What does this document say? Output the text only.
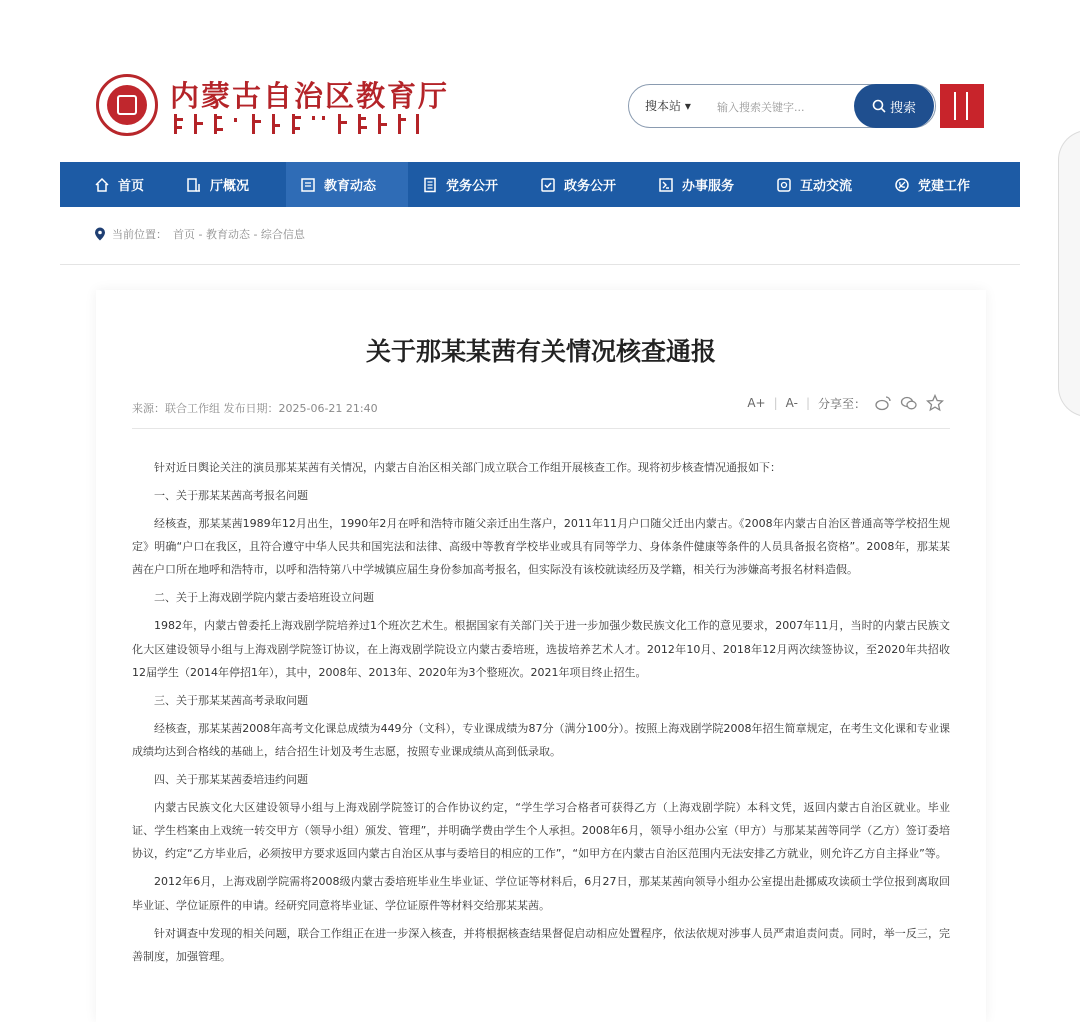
内蒙古自治区教育厅	搜本站 ▾
输入搜索关键字...	搜索
首页	厅概况	教育动态	党务公开	政务公开	办事服务	互动交流	党建工作
当前位置： 首页 - 教育动态 - 综合信息
关于那某某茜有关情况核查通报
来源：联合工作组 发布日期：2025-06-21 21:40	A+ | A- | 分享至：

针对近日舆论关注的演员那某某茜有关情况，内蒙古自治区相关部门成立联合工作组开展核查工作。现将初步核查情况通报如下：

一、关于那某某茜高考报名问题

经核查，那某某茜1989年12月出生，1990年2月在呼和浩特市随父亲迁出生落户，2011年11月户口随父迁出内蒙古。《2008年内蒙古自治区普通高等学校招生规定》明确“户口在我区，且符合遵守中华人民共和国宪法和法律、高级中等教育学校毕业或具有同等学力、身体条件健康等条件的人员具备报名资格”。2008年，那某某茜在户口所在地呼和浩特市，以呼和浩特第八中学城镇应届生身份参加高考报名，但实际没有该校就读经历及学籍，相关行为涉嫌高考报名材料造假。

二、关于上海戏剧学院内蒙古委培班设立问题

1982年，内蒙古曾委托上海戏剧学院培养过1个班次艺术生。根据国家有关部门关于进一步加强少数民族文化工作的意见要求，2007年11月，当时的内蒙古民族文化大区建设领导小组与上海戏剧学院签订协议，在上海戏剧学院设立内蒙古委培班，选拔培养艺术人才。2012年10月、2018年12月两次续签协议，至2020年共招收12届学生（2014年停招1年），其中，2008年、2013年、2020年为3个整班次。2021年项目终止招生。

三、关于那某某茜高考录取问题

经核查，那某某茜2008年高考文化课总成绩为449分（文科），专业课成绩为87分（满分100分）。按照上海戏剧学院2008年招生简章规定，在考生文化课和专业课成绩均达到合格线的基础上，结合招生计划及考生志愿，按照专业课成绩从高到低录取。

四、关于那某某茜委培违约问题

内蒙古民族文化大区建设领导小组与上海戏剧学院签订的合作协议约定，“学生学习合格者可获得乙方（上海戏剧学院）本科文凭，返回内蒙古自治区就业。毕业证、学生档案由上戏统一转交甲方（领导小组）颁发、管理”，并明确学费由学生个人承担。2008年6月，领导小组办公室（甲方）与那某某茜等同学（乙方）签订委培协议，约定“乙方毕业后，必须按甲方要求返回内蒙古自治区从事与委培目的相应的工作”，“如甲方在内蒙古自治区范围内无法安排乙方就业，则允许乙方自主择业”等。

2012年6月，上海戏剧学院需将2008级内蒙古委培班毕业生毕业证、学位证等材料后，6月27日，那某某茜向领导小组办公室提出赴挪威攻读硕士学位报到离取回毕业证、学位证原件的申请。经研究同意将毕业证、学位证原件等材料交给那某某茜。

针对调查中发现的相关问题，联合工作组正在进一步深入核查，并将根据核查结果督促启动相应处置程序，依法依规对涉事人员严肃追责问责。同时，举一反三，完善制度，加强管理。
